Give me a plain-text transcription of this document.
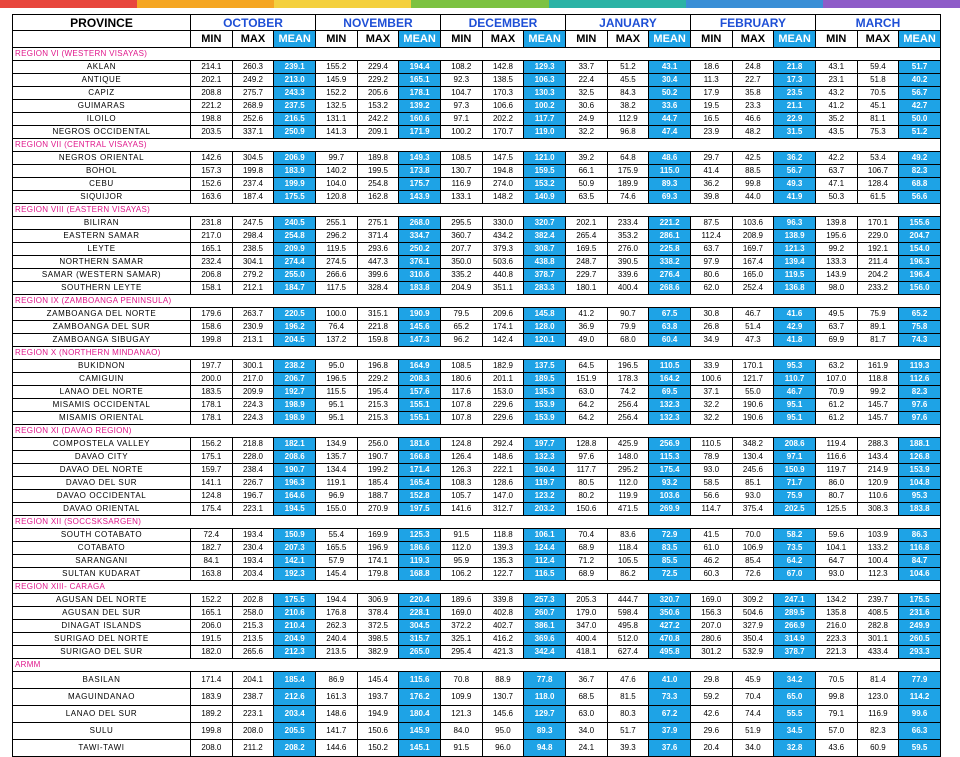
PROVINCE	OCTOBER			NOVEMBER			DECEMBER			JANUARY			FEBRUARY			MARCH		
	MIN	MAX	MEAN	MIN	MAX	MEAN	MIN	MAX	MEAN	MIN	MAX	MEAN	MIN	MAX	MEAN	MIN	MAX	MEAN
REGION VI (WESTERN VISAYAS)																		
AKLAN	214.1	260.3	239.1	155.2	229.4	194.4	108.2	142.8	129.3	33.7	51.2	43.1	18.6	24.8	21.8	43.1	59.4	51.7
ANTIQUE	202.1	249.2	213.0	145.9	229.2	165.1	92.3	138.5	106.3	22.4	45.5	30.4	11.3	22.7	17.3	23.1	51.8	40.2
CAPIZ	208.8	275.7	243.3	152.2	205.6	178.1	104.7	170.3	130.3	32.5	84.3	50.2	17.9	35.8	23.5	43.2	70.5	56.7
GUIMARAS	221.2	268.9	237.5	132.5	153.2	139.2	97.3	106.6	100.2	30.6	38.2	33.6	19.5	23.3	21.1	41.2	45.1	42.7
ILOILO	198.8	252.6	216.5	131.1	242.2	160.6	97.1	202.2	117.7	24.9	112.9	44.7	16.5	46.6	22.9	35.2	81.1	50.0
NEGROS OCCIDENTAL	203.5	337.1	250.9	141.3	209.1	171.9	100.2	170.7	119.0	32.2	96.8	47.4	23.9	48.2	31.5	43.5	75.3	51.2
REGION VII (CENTRAL VISAYAS)																		
NEGROS ORIENTAL	142.6	304.5	206.9	99.7	189.8	149.3	108.5	147.5	121.0	39.2	64.8	48.6	29.7	42.5	36.2	42.2	53.4	49.2
BOHOL	157.3	199.8	183.9	140.2	199.5	173.8	130.7	194.8	159.5	66.1	175.9	115.0	41.4	88.5	56.7	63.7	106.7	82.3
CEBU	152.6	237.4	199.9	104.0	254.8	175.7	116.9	274.0	153.2	50.9	189.9	89.3	36.2	99.8	49.3	47.1	128.4	68.8
SIQUIJOR	163.6	187.4	175.5	120.8	162.8	143.9	133.1	148.2	140.9	63.5	74.6	69.3	39.8	44.0	41.9	50.3	61.5	56.6
REGION VIII (EASTERN VISAYAS)																		
BILIRAN	231.8	247.5	240.5	255.1	275.1	268.0	295.5	330.0	320.7	202.1	233.4	221.2	87.5	103.6	96.3	139.8	170.1	155.6
EASTERN SAMAR	217.0	298.4	254.8	296.2	371.4	334.7	360.7	434.2	382.4	265.4	353.2	286.1	112.4	208.9	138.9	195.6	229.0	204.7
LEYTE	165.1	238.5	209.9	119.5	293.6	250.2	207.7	379.3	308.7	169.5	276.0	225.8	63.7	169.7	121.3	99.2	192.1	154.0
NORTHERN SAMAR	232.4	304.1	274.4	274.5	447.3	376.1	350.0	503.6	438.8	248.7	390.5	338.2	97.9	167.4	139.4	133.3	211.4	196.3
SAMAR (WESTERN SAMAR)	206.8	279.2	255.0	266.6	399.6	310.6	335.2	440.8	378.7	229.7	339.6	276.4	80.6	165.0	119.5	143.9	204.2	196.4
SOUTHERN LEYTE	158.1	212.1	184.7	117.5	328.4	183.8	204.9	351.1	283.3	180.1	400.4	268.6	62.0	252.4	136.8	98.0	233.2	156.0
REGION IX (ZAMBOANGA PENINSULA)																		
ZAMBOANGA DEL NORTE	179.6	263.7	220.5	100.0	315.1	190.9	79.5	209.6	145.8	41.2	90.7	67.5	30.8	46.7	41.6	49.5	75.9	65.2
ZAMBOANGA DEL SUR	158.6	230.9	196.2	76.4	221.8	145.6	65.2	174.1	128.0	36.9	79.9	63.8	26.8	51.4	42.9	63.7	89.1	75.8
ZAMBOANGA SIBUGAY	199.8	213.1	204.5	137.2	159.8	147.3	96.2	142.4	120.1	49.0	68.0	60.4	34.9	47.3	41.8	69.9	81.7	74.3
REGION X (NORTHERN MINDANAO)																		
BUKIDNON	197.7	300.1	238.2	95.0	196.8	164.9	108.5	182.9	137.5	64.5	196.5	110.5	33.9	170.1	95.3	63.2	161.9	119.3
CAMIGUIN	200.0	217.0	206.7	196.5	229.2	208.3	180.6	201.1	189.5	151.9	178.3	164.2	100.6	121.7	110.7	107.0	118.8	112.6
LANAO DEL NORTE	183.5	209.9	192.7	115.5	195.4	157.6	117.6	153.0	135.3	63.0	74.2	69.5	37.1	55.0	46.7	70.9	99.2	82.3
MISAMIS OCCIDENTAL	178.1	224.3	198.9	95.1	215.3	155.1	107.8	229.6	153.9	64.2	256.4	132.3	32.2	190.6	95.1	61.2	145.7	97.6
MISAMIS ORIENTAL	178.1	224.3	198.9	95.1	215.3	155.1	107.8	229.6	153.9	64.2	256.4	132.3	32.2	190.6	95.1	61.2	145.7	97.6
REGION XI (DAVAO REGION)																		
COMPOSTELA VALLEY	156.2	218.8	182.1	134.9	256.0	181.6	124.8	292.4	197.7	128.8	425.9	256.9	110.5	348.2	208.6	119.4	288.3	188.1
DAVAO CITY	175.1	228.0	208.6	135.7	190.7	166.8	126.4	148.6	132.3	97.6	148.0	115.3	78.9	130.4	97.1	116.6	143.4	126.8
DAVAO DEL NORTE	159.7	238.4	190.7	134.4	199.2	171.4	126.3	222.1	160.4	117.7	295.2	175.4	93.0	245.6	150.9	119.7	214.9	153.9
DAVAO DEL SUR	141.1	226.7	196.3	119.1	185.4	165.4	108.3	128.6	119.7	80.5	112.0	93.2	58.5	85.1	71.7	86.0	120.9	104.8
DAVAO OCCIDENTAL	124.8	196.7	164.6	96.9	188.7	152.8	105.7	147.0	123.2	80.2	119.9	103.6	56.6	93.0	75.9	80.7	110.6	95.3
DAVAO ORIENTAL	175.4	223.1	194.5	155.0	270.9	197.5	141.6	312.7	203.2	150.6	471.5	269.9	114.7	375.4	202.5	125.5	308.3	183.8
REGION XII (SOCCSKSARGEN)																		
SOUTH COTABATO	72.4	193.4	150.9	55.4	169.9	125.3	91.5	118.8	106.1	70.4	83.6	72.9	41.5	70.0	58.2	59.6	103.9	86.3
COTABATO	182.7	230.4	207.3	165.5	196.9	186.6	112.0	139.3	124.4	68.9	118.4	83.5	61.0	106.9	73.5	104.1	133.2	116.8
SARANGANI	84.1	193.4	142.1	57.9	174.1	119.3	95.9	135.3	112.4	71.2	105.5	85.5	46.2	85.4	64.2	64.7	100.4	84.7
SULTAN KUDARAT	163.8	203.4	192.3	145.4	179.8	168.8	106.2	122.7	116.5	68.9	86.2	72.5	60.3	72.6	67.0	93.0	112.3	104.6
REGION XIII- CARAGA																		
AGUSAN DEL NORTE	152.2	202.8	175.5	194.4	306.9	220.4	189.6	339.8	257.3	205.3	444.7	320.7	169.0	309.2	247.1	134.2	239.7	175.5
AGUSAN DEL SUR	165.1	258.0	210.6	176.8	378.4	228.1	169.0	402.8	260.7	179.0	598.4	350.6	156.3	504.6	289.5	135.8	408.5	231.6
DINAGAT ISLANDS	206.0	215.3	210.4	262.3	372.5	304.5	372.2	402.7	386.1	347.0	495.8	427.2	207.0	327.9	266.9	216.0	282.8	249.9
SURIGAO DEL NORTE	191.5	213.5	204.9	240.4	398.5	315.7	325.1	416.2	369.6	400.4	512.0	470.8	280.6	350.4	314.9	223.3	301.1	260.5
SURIGAO DEL SUR	182.0	265.6	212.3	213.5	382.9	265.0	295.4	421.3	342.4	418.1	627.4	495.8	301.2	532.9	378.7	221.3	433.4	293.3
ARMM																		
BASILAN	171.4	204.1	185.4	86.9	145.4	115.6	70.8	88.9	77.8	36.7	47.6	41.0	29.8	45.9	34.2	70.5	81.4	77.9
MAGUINDANAO	183.9	238.7	212.6	161.3	193.7	176.2	109.9	130.7	118.0	68.5	81.5	73.3	59.2	70.4	65.0	99.8	123.0	114.2
LANAO DEL SUR	189.2	223.1	203.4	148.6	194.9	180.4	121.3	145.6	129.7	63.0	80.3	67.2	42.6	74.4	55.5	79.1	116.9	99.6
SULU	199.8	208.0	205.5	141.7	150.6	145.9	84.0	95.0	89.3	34.0	51.7	37.9	29.6	51.9	34.5	57.0	82.3	66.3
TAWI-TAWI	208.0	211.2	208.2	144.6	150.2	145.1	91.5	96.0	94.8	24.1	39.3	37.6	20.4	34.0	32.8	43.6	60.9	59.5
